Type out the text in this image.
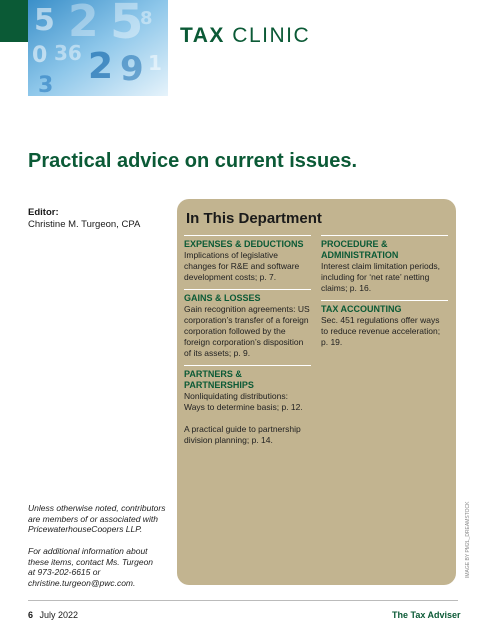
5 2 5
0 36 2 9
3
8
1
TAX CLINIC
Practical advice on current issues.
Editor:
Christine M. Turgeon, CPA	In This Department
EXPENSES & DEDUCTIONS
Implications of legislative changes for R&E and software development costs; p. 7.
GAINS & LOSSES
Gain recognition agreements: US corporation’s transfer of a foreign corporation followed by the foreign corporation’s disposition of its assets; p. 9.
PARTNERS & PARTNERSHIPS
Nonliquidating distributions: Ways to determine basis; p. 12.
A practical guide to partnership division planning; p. 14.
PROCEDURE & ADMINISTRATION
Interest claim limitation periods, including for ‘net rate’ netting claims; p. 16.
TAX ACCOUNTING
Sec. 451 regulations offer ways to reduce revenue acceleration; p. 19.
Unless otherwise noted, contributors are members of or associated with PricewaterhouseCoopers LLP.
For additional information about these items, contact Ms. Turgeon at 973-202-6615 or christine.turgeon@pwc.com.
IMAGE BY PM2L_DREAMSTOCK
6 July 2022	The Tax Adviser
